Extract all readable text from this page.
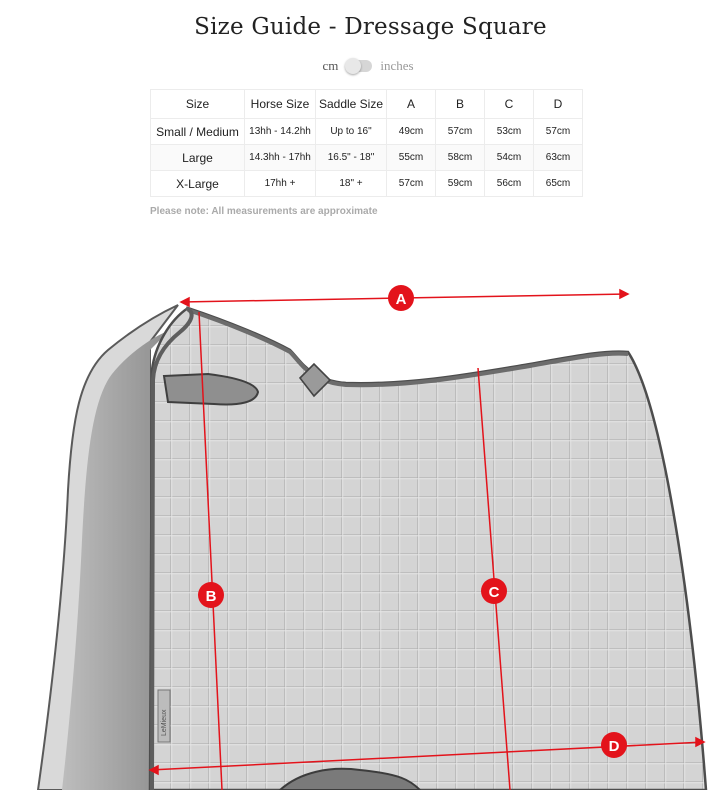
Size Guide - Dressage Square
cm	inches
Size	Horse Size	Saddle Size	A	B	C	D
Small / Medium	13hh - 14.2hh	Up to 16"	49cm	57cm	53cm	57cm
Large	14.3hh - 17hh	16.5" - 18"	55cm	58cm	54cm	63cm
X-Large	17hh +	18" +	57cm	59cm	56cm	65cm
Please note: All measurements are approximate
LeMieux
A
B	C
D
